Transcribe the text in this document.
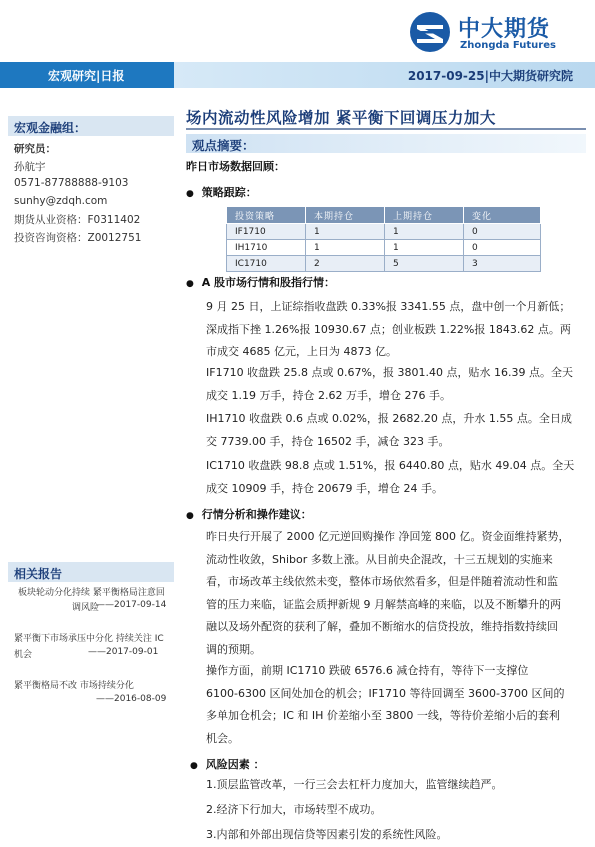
中大期货
Zhongda Futures
宏观研究|日报	2017-09-25|中大期货研究院
宏观金融组：
研究员：
孙航宇
0571-87788888-9103
sunhy@zdqh.com
期货从业资格：F0311402
投资咨询资格：Z0012751
相关报告
板块轮动分化持续 紧平衡格局注意回
调风险
——2017-09-14
紧平衡下市场承压中分化 持续关注 IC
机会	——2017-09-01
紧平衡格局不改 市场持续分化
——2016-08-09
场内流动性风险增加 紧平衡下回调压力加大
观点摘要：
昨日市场数据回顾：
● 策略跟踪：
投资策略	本期持仓	上期持仓	变化
IF1710	1	1	0
IH1710	1	1	0
IC1710	2	5	3
● A 股市场行情和股指行情：
9 月 25 日，上证综指收盘跌 0.33%报 3341.55 点，盘中创一个月新低；
深成指下挫 1.26%报 10930.67 点；创业板跌 1.22%报 1843.62 点。两
市成交 4685 亿元，上日为 4873 亿。
IF1710 收盘跌 25.8 点或 0.67%，报 3801.40 点，贴水 16.39 点。全天
成交 1.19 万手，持仓 2.62 万手，增仓 276 手。
IH1710 收盘跌 0.6 点或 0.02%，报 2682.20 点，升水 1.55 点。全日成
交 7739.00 手，持仓 16502 手，减仓 323 手。
IC1710 收盘跌 98.8 点或 1.51%，报 6440.80 点，贴水 49.04 点。全天
成交 10909 手，持仓 20679 手，增仓 24 手。
● 行情分析和操作建议：
昨日央行开展了 2000 亿元逆回购操作 净回笼 800 亿。资金面维持紧势，
流动性收敛，Shibor 多数上涨。从目前央企混改，十三五规划的实施来
看，市场改革主线依然未变，整体市场依然看多，但是伴随着流动性和监
管的压力来临，证监会质押新规 9 月解禁高峰的来临，以及不断攀升的两
融以及场外配资的获利了解，叠加不断缩水的信贷投放，维持指数持续回
调的预期。
操作方面，前期 IC1710 跌破 6576.6 减仓持有，等待下一支撑位
6100-6300 区间处加仓的机会；IF1710 等待回调至 3600-3700 区间的
多单加仓机会；IC 和 IH 价差缩小至 3800 一线，等待价差缩小后的套利
机会。
● 风险因素 ：
1.顶层监管改革，一行三会去杠杆力度加大，监管继续趋严。
2.经济下行加大，市场转型不成功。
3.内部和外部出现信贷等因素引发的系统性风险。
